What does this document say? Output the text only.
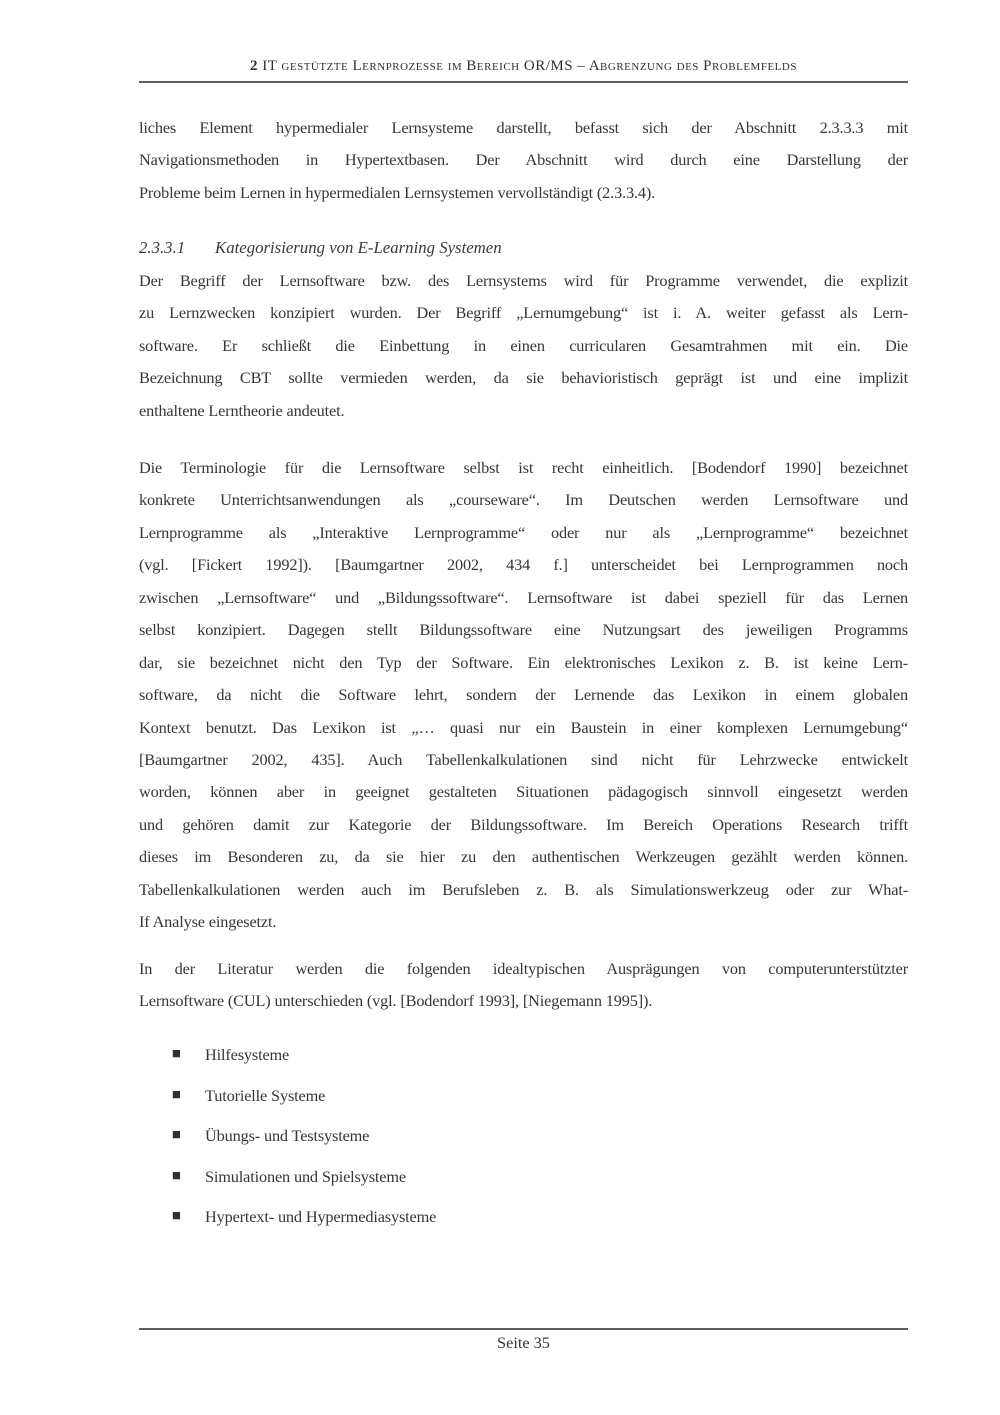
2 IT gestützte Lernprozesse im Bereich OR/MS – Abgrenzung des Problemfelds
liches Element hypermedialer Lernsysteme darstellt, befasst sich der Abschnitt 2.3.3.3 mit
Navigationsmethoden in Hypertextbasen. Der Abschnitt wird durch eine Darstellung der
Probleme beim Lernen in hypermedialen Lernsystemen vervollständigt (2.3.3.4).
2.3.3.1 Kategorisierung von E-Learning Systemen
Der Begriff der Lernsoftware bzw. des Lernsystems wird für Programme verwendet, die explizit
zu Lernzwecken konzipiert wurden. Der Begriff „Lernumgebung“ ist i. A. weiter gefasst als Lern-
software. Er schließt die Einbettung in einen curricularen Gesamtrahmen mit ein. Die
Bezeichnung CBT sollte vermieden werden, da sie behavioristisch geprägt ist und eine implizit
enthaltene Lerntheorie andeutet.
Die Terminologie für die Lernsoftware selbst ist recht einheitlich. [Bodendorf 1990] bezeichnet
konkrete Unterrichtsanwendungen als „courseware“. Im Deutschen werden Lernsoftware und
Lernprogramme als „Interaktive Lernprogramme“ oder nur als „Lernprogramme“ bezeichnet
(vgl. [Fickert 1992]). [Baumgartner 2002, 434 f.] unterscheidet bei Lernprogrammen noch
zwischen „Lernsoftware“ und „Bildungssoftware“. Lernsoftware ist dabei speziell für das Lernen
selbst konzipiert. Dagegen stellt Bildungssoftware eine Nutzungsart des jeweiligen Programms
dar, sie bezeichnet nicht den Typ der Software. Ein elektronisches Lexikon z. B. ist keine Lern-
software, da nicht die Software lehrt, sondern der Lernende das Lexikon in einem globalen
Kontext benutzt. Das Lexikon ist „… quasi nur ein Baustein in einer komplexen Lernumgebung“
[Baumgartner 2002, 435]. Auch Tabellenkalkulationen sind nicht für Lehrzwecke entwickelt
worden, können aber in geeignet gestalteten Situationen pädagogisch sinnvoll eingesetzt werden
und gehören damit zur Kategorie der Bildungssoftware. Im Bereich Operations Research trifft
dieses im Besonderen zu, da sie hier zu den authentischen Werkzeugen gezählt werden können.
Tabellenkalkulationen werden auch im Berufsleben z. B. als Simulationswerkzeug oder zur What-
If Analyse eingesetzt.
In der Literatur werden die folgenden idealtypischen Ausprägungen von computerunterstützter
Lernsoftware (CUL) unterschieden (vgl. [Bodendorf 1993], [Niegemann 1995]).
■ Hilfesysteme
■ Tutorielle Systeme
■ Übungs- und Testsysteme
■ Simulationen und Spielsysteme
■ Hypertext- und Hypermediasysteme
Seite 35
